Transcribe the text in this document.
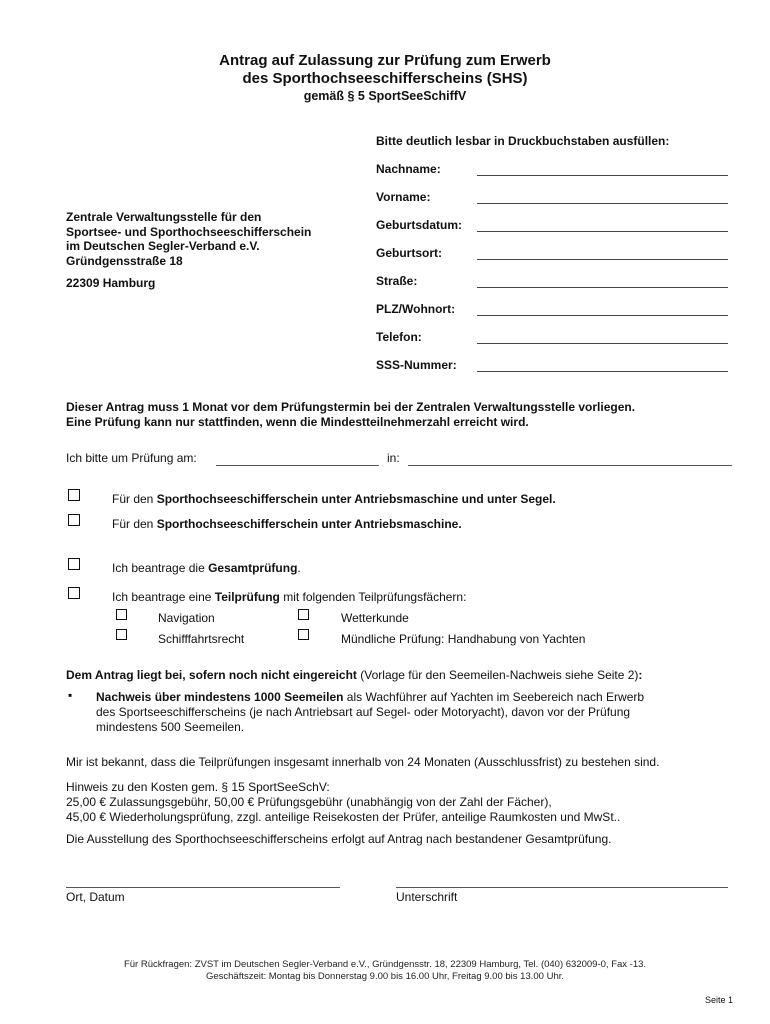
Antrag auf Zulassung zur Prüfung zum Erwerb
des Sporthochseeschifferscheins (SHS)
gemäß § 5 SportSeeSchiffV
Bitte deutlich lesbar in Druckbuchstaben ausfüllen:
Nachname:
Vorname:
Geburtsdatum:
Geburtsort:
Straße:
PLZ/Wohnort:
Telefon:
SSS-Nummer:
Zentrale Verwaltungsstelle für den
Sportsee- und Sporthochseeschifferschein
im Deutschen Segler-Verband e.V.
Gründgensstraße 18
22309 Hamburg
Dieser Antrag muss 1 Monat vor dem Prüfungstermin bei der Zentralen Verwaltungsstelle vorliegen.
Eine Prüfung kann nur stattfinden, wenn die Mindestteilnehmerzahl erreicht wird.
Ich bitte um Prüfung am:	in:
Für den Sporthochseeschifferschein unter Antriebsmaschine und unter Segel.
Für den Sporthochseeschifferschein unter Antriebsmaschine.
Ich beantrage die Gesamtprüfung.
Ich beantrage eine Teilprüfung mit folgenden Teilprüfungsfächern:
Navigation	Wetterkunde
Schifffahrtsrecht	Mündliche Prüfung: Handhabung von Yachten
Dem Antrag liegt bei, sofern noch nicht eingereicht (Vorlage für den Seemeilen-Nachweis siehe Seite 2):
▪ Nachweis über mindestens 1000 Seemeilen als Wachführer auf Yachten im Seebereich nach Erwerb
des Sportseeschifferscheins (je nach Antriebsart auf Segel- oder Motoryacht), davon vor der Prüfung
mindestens 500 Seemeilen.
Mir ist bekannt, dass die Teilprüfungen insgesamt innerhalb von 24 Monaten (Ausschlussfrist) zu bestehen sind.
Hinweis zu den Kosten gem. § 15 SportSeeSchV:
25,00 € Zulassungsgebühr, 50,00 € Prüfungsgebühr (unabhängig von der Zahl der Fächer),
45,00 € Wiederholungsprüfung, zzgl. anteilige Reisekosten der Prüfer, anteilige Raumkosten und MwSt..
Die Ausstellung des Sporthochseeschifferscheins erfolgt auf Antrag nach bestandener Gesamtprüfung.
Ort, Datum	Unterschrift
Für Rückfragen: ZVST im Deutschen Segler-Verband e.V., Gründgensstr. 18, 22309 Hamburg, Tel. (040) 632009-0, Fax -13.
Geschäftszeit: Montag bis Donnerstag 9.00 bis 16.00 Uhr, Freitag 9.00 bis 13.00 Uhr.
Seite 1
